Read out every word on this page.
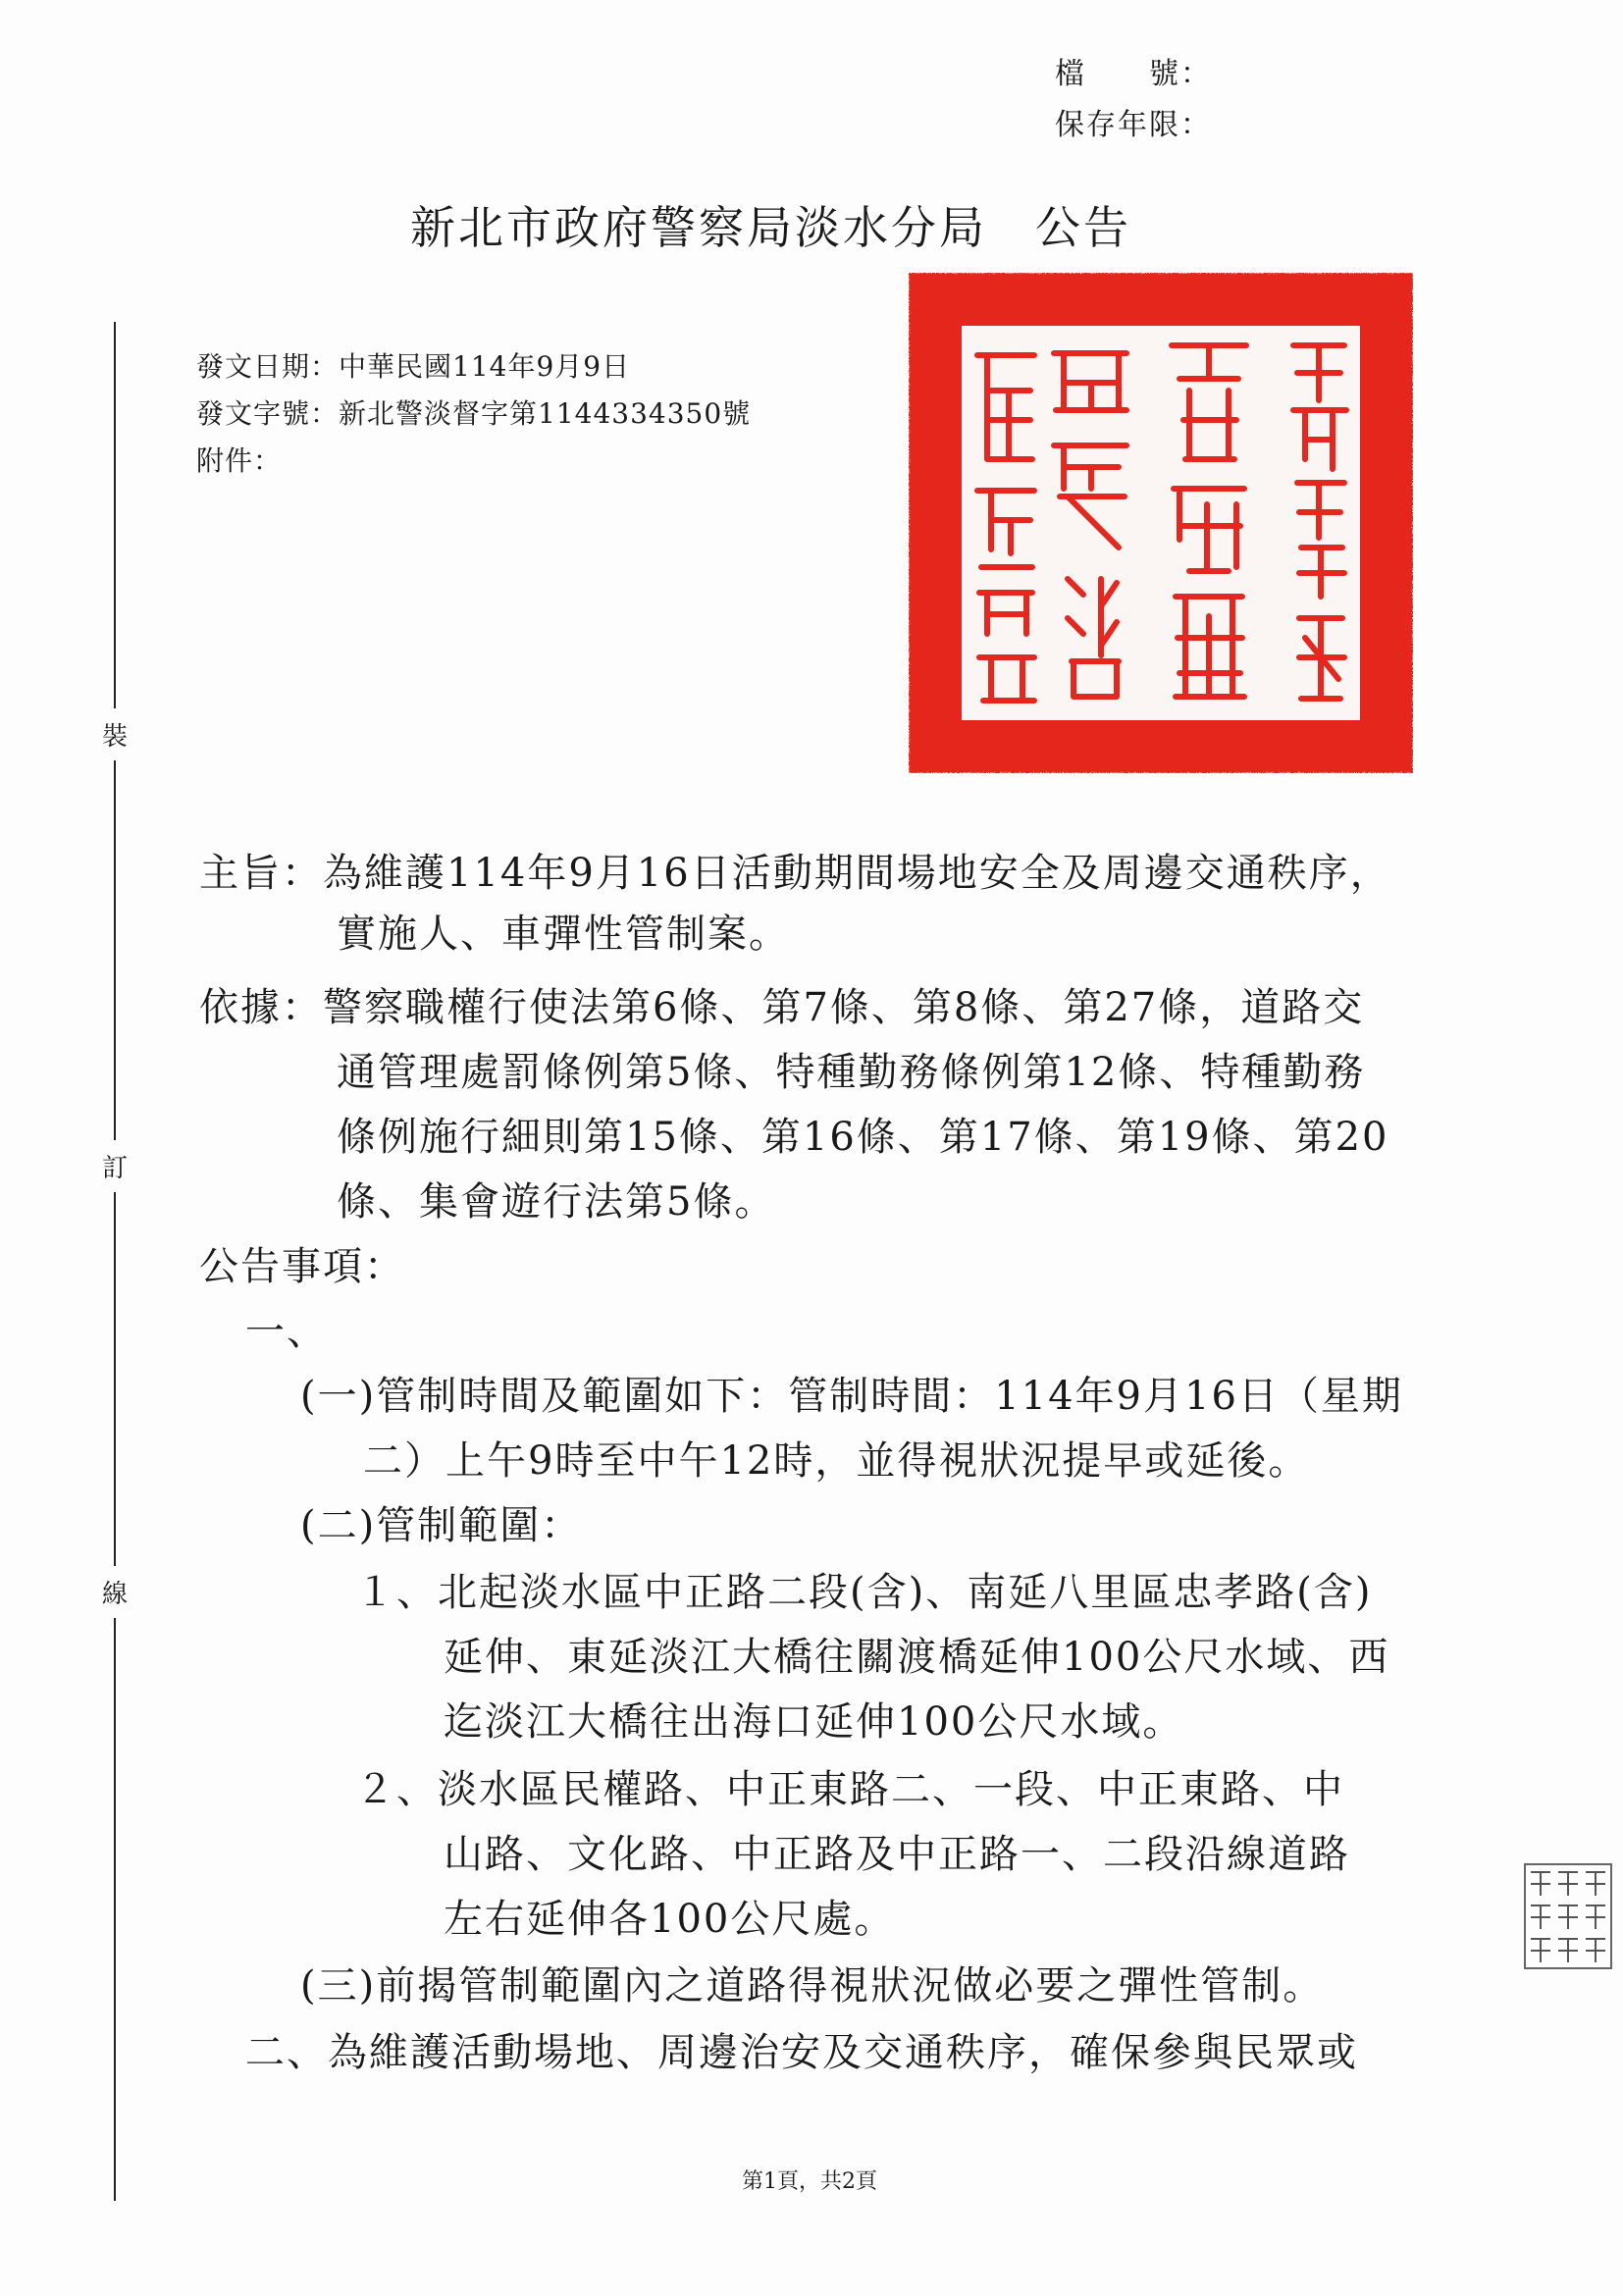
檔　　號：
保存年限：
新北市政府警察局淡水分局　公告
發文日期：中華民國114年9月9日
發文字號：新北警淡督字第1144334350號
附件：
裝
訂
線
主旨：為維護114年9月16日活動期間場地安全及周邊交通秩序，
實施人、車彈性管制案。
依據：警察職權行使法第6條、第7條、第8條、第27條，道路交
通管理處罰條例第5條、特種勤務條例第12條、特種勤務
條例施行細則第15條、第16條、第17條、第19條、第20
條、集會遊行法第5條。
公告事項：
一、
(一)管制時間及範圍如下：管制時間：114年9月16日（星期
二）上午9時至中午12時，並得視狀況提早或延後。
(二)管制範圍：
１、北起淡水區中正路二段(含)、南延八里區忠孝路(含)
延伸、東延淡江大橋往關渡橋延伸100公尺水域、西
迄淡江大橋往出海口延伸100公尺水域。
２、淡水區民權路、中正東路二、一段、中正東路、中
山路、文化路、中正路及中正路一、二段沿線道路
左右延伸各100公尺處。
(三)前揭管制範圍內之道路得視狀況做必要之彈性管制。
二、為維護活動場地、周邊治安及交通秩序，確保參與民眾或
第1頁，共2頁
